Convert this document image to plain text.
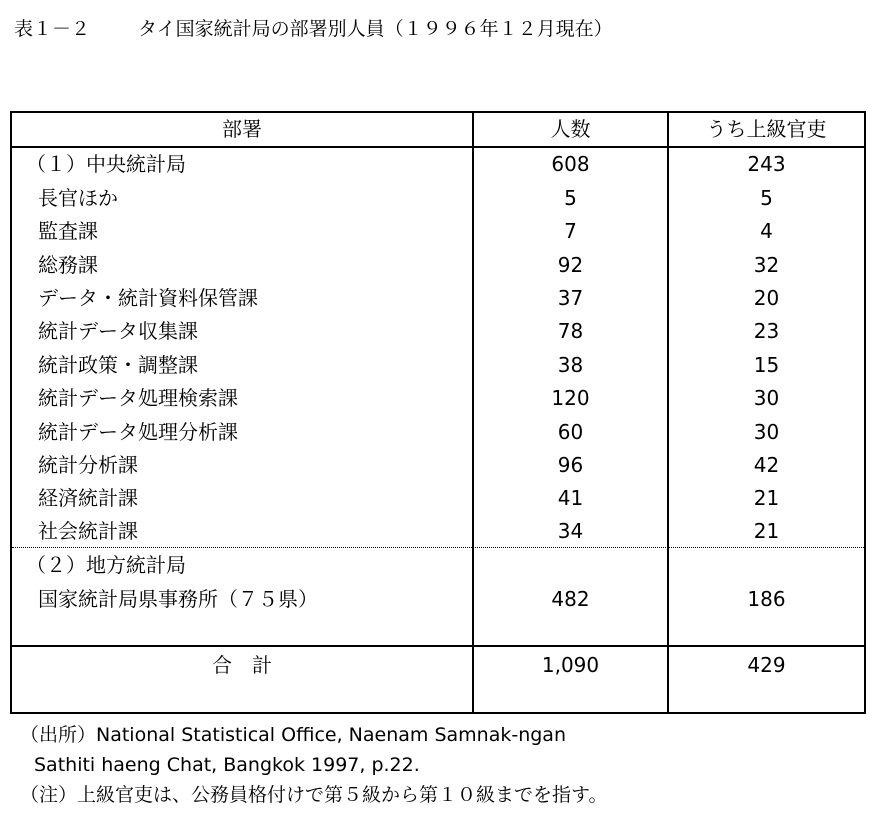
表１－２	タイ国家統計局の部署別人員（１９９６年１２月現在）
部署	人数	うち上級官吏
（１）中央統計局	608	243
長官ほか	5	5
監査課	7	4
総務課	92	32
データ・統計資料保管課	37	20
統計データ収集課	78	23
統計政策・調整課	38	15
統計データ処理検索課	120	30
統計データ処理分析課	60	30
統計分析課	96	42
経済統計課	41	21
社会統計課	34	21
（２）地方統計局
国家統計局県事務所（７５県）	482	186
合　計	1,090	429
（出所）National Statistical Office, Naenam Samnak-ngan
Sathiti haeng Chat, Bangkok 1997, p.22.
（注）上級官吏は、公務員格付けで第５級から第１０級までを指す。
